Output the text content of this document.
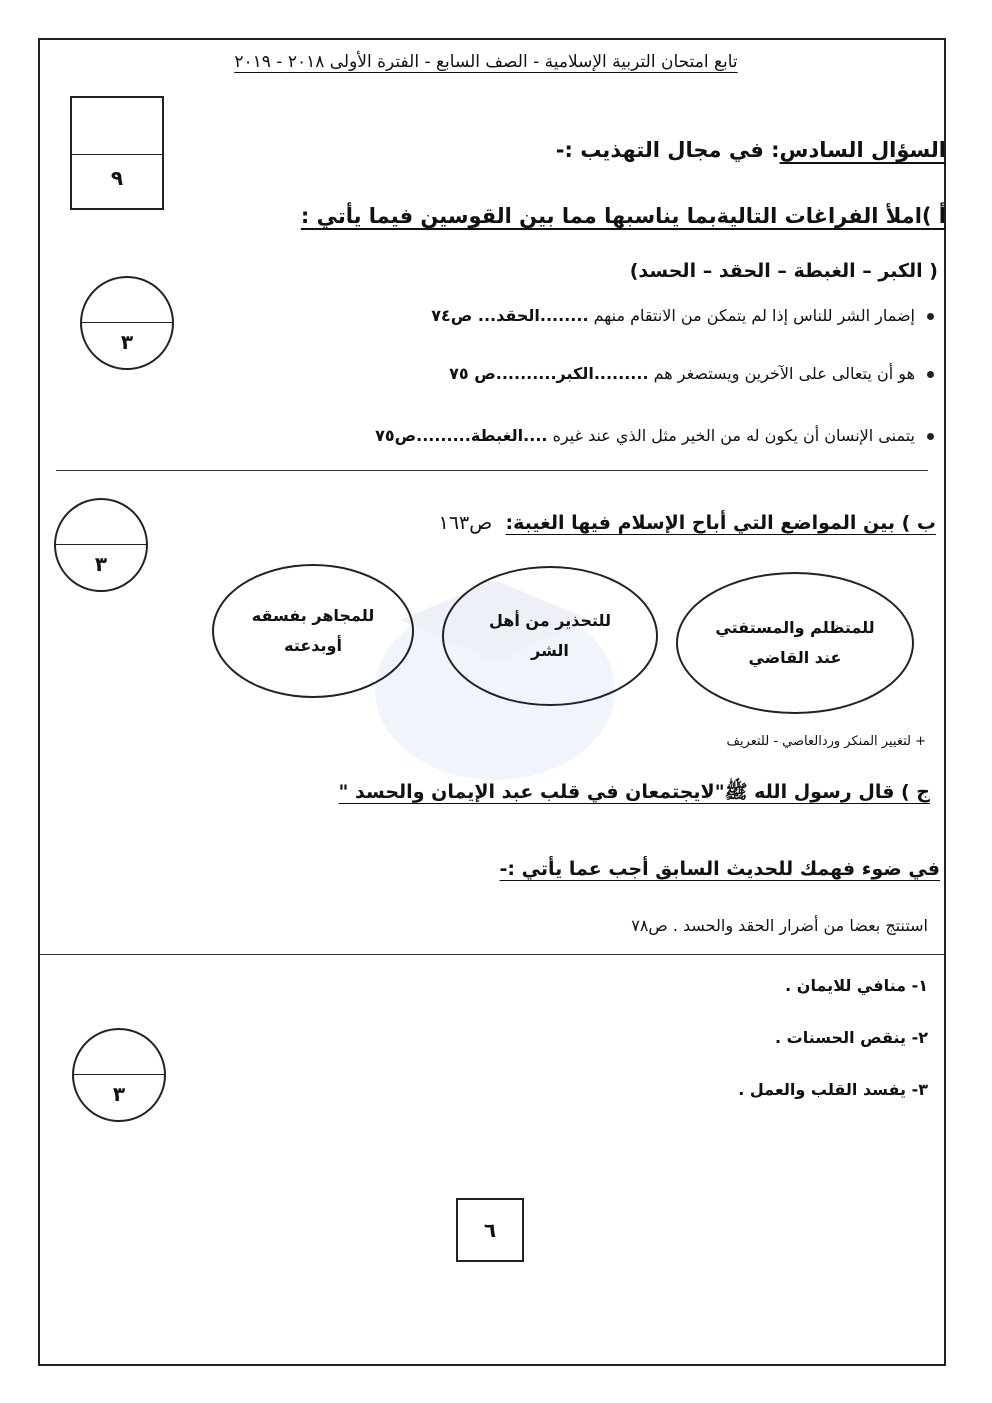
تابع امتحان التربية الإسلامية - الصف السابع - الفترة الأولى ٢٠١٨ - ٢٠١٩
٩
السؤال السادس: في مجال التهذيب :-
أ )املأ الفراغات التاليةبما يناسبها مما بين القوسين فيما يأتي :
( الكبر – الغبطة – الحقد – الحسد)
٣
إضمار الشر للناس إذا لم يتمكن من الانتقام منهم ........الحقد... ص٧٤
هو أن يتعالى على الآخرين ويستصغر هم .........الكبر..........ص ٧٥
يتمنى الإنسان أن يكون له من الخير مثل الذي عند غيره ....الغبطة.........ص٧٥
٣
ب ) بين المواضع التي أباح الإسلام فيها الغيبة:  ص١٦٣
للمتظلم والمستفتي
عند القاضي
للتحذير من أهل
الشر
للمجاهر بفسقه
أوبدعته
+ لتغيير المنكر وردالعاصي - للتعريف
ج ) قال رسول الله ﷺ"لايجتمعان في قلب عبد الإيمان والحسد "
في ضوء فهمك للحديث السابق أجب عما يأتي :-
استنتج بعضا من أضرار الحقد والحسد . ص٧٨
٣
١- منافي للايمان .
٢- ينقص الحسنات .
٣- يفسد القلب والعمل .
٦
